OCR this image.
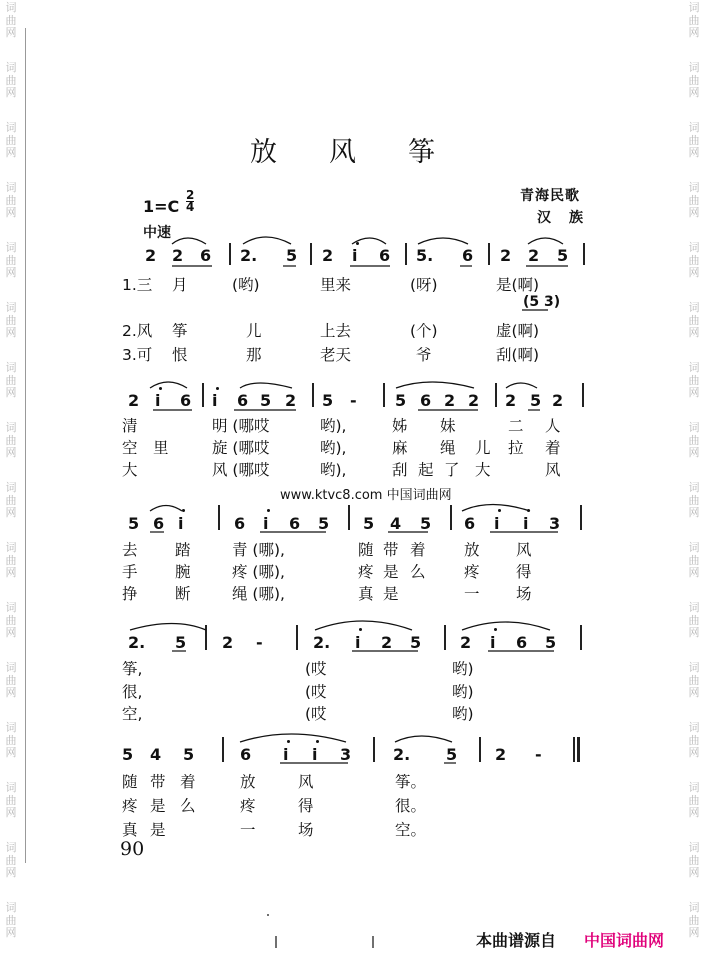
词
曲
网
词
曲
网
词
曲
网
词
曲
网
词
曲
网
词
曲
网
词
曲
网
词
曲
网
词
曲
网
词
曲
网
词
曲
网
词
曲
网
词
曲
网
词
曲
网
词
曲
网
词
曲
网
词
曲
网
词
曲
网
词
曲
网
词
曲
网
词
曲
网
词
曲
网
词
曲
网
词
曲
网
词
曲
网
词
曲
网
词
曲
网
词
曲
网
词
曲
网
词
曲
网
词
曲
网
词
曲
网
放风筝
1=C
2
4
中速
青海民歌
汉族
2 2 6 2. 5 2 i 6 5. 6 2 2 5
(5 3)
1.三 月	(哟)	里来	(呀)	是(啊)
2.风 筝	儿	上去	(个)	虚(啊)
3.可 恨	那	老天	爷	刮(啊)
2 i 6 i 6 5 2 5 - 5 6 2 2 2 5 2
清	明 (哪哎	哟),	姊 妹	二 人
空 里	旋 (哪哎	哟),	麻 绳 儿 拉 着
大	风 (哪哎	哟),	刮 起 了 大	风
www.ktvc8.com 中国词曲网
5 6 i	6 i 6 5 5 4 5 6 i i 3
去 踏	青 (哪),	随 带 着 放 风
手 腕	疼 (哪),	疼 是 么 疼 得
挣 断	绳 (哪),	真 是	一 场
2. 5 2 -	2. i 2 5 2 i 6 5
筝,	(哎	哟)
很,	(哎	哟)
空,	(哎	哟)
5 4 5	6 i i 3	2. 5 2 -
随 带 着	放	风	筝。
疼 是 么	疼	得	很。
真 是	一	场	空。
90
本曲谱源自 中国词曲网
